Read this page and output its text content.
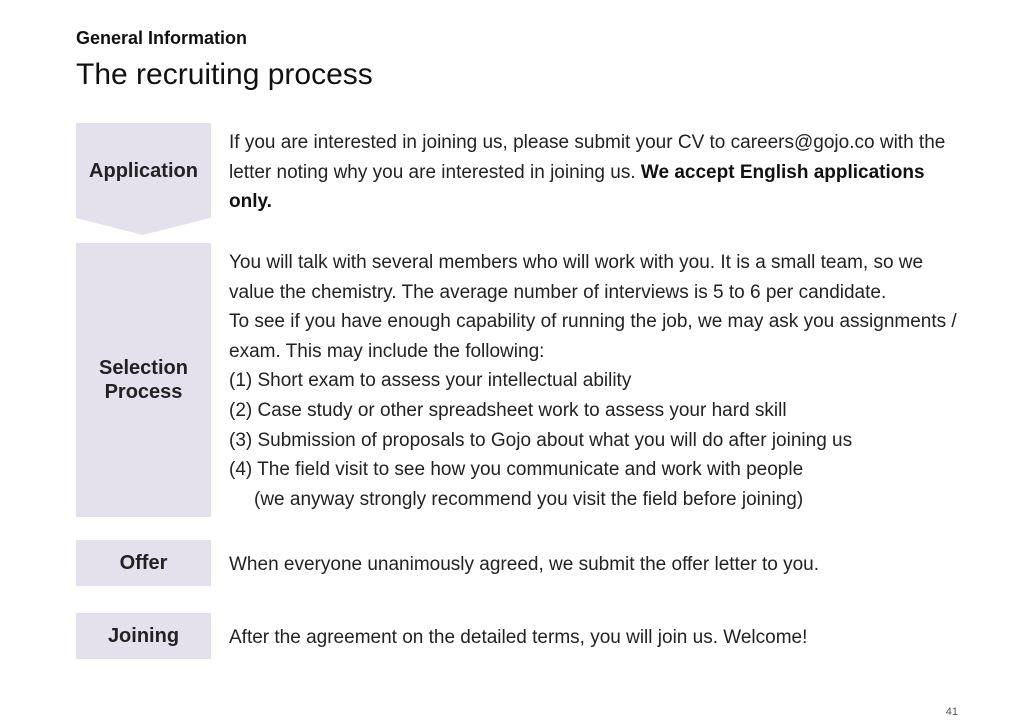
General Information
The recruiting process
Application

If you are interested in joining us, please submit your CV to careers@gojo.co with the letter noting why you are interested in joining us. We accept English applications only.

Selection Process

You will talk with several members who will work with you. It is a small team, so we value the chemistry. The average number of interviews is 5 to 6 per candidate.

To see if you have enough capability of running the job, we may ask you assignments / exam. This may include the following:

(1) Short exam to assess your intellectual ability

(2) Case study or other spreadsheet work to assess your hard skill

(3) Submission of proposals to Gojo about what you will do after joining us

(4) The field visit to see how you communicate and work with people

(we anyway strongly recommend you visit the field before joining)

Offer	When everyone unanimously agreed, we submit the offer letter to you.

Joining	After the agreement on the detailed terms, you will join us. Welcome!

41
